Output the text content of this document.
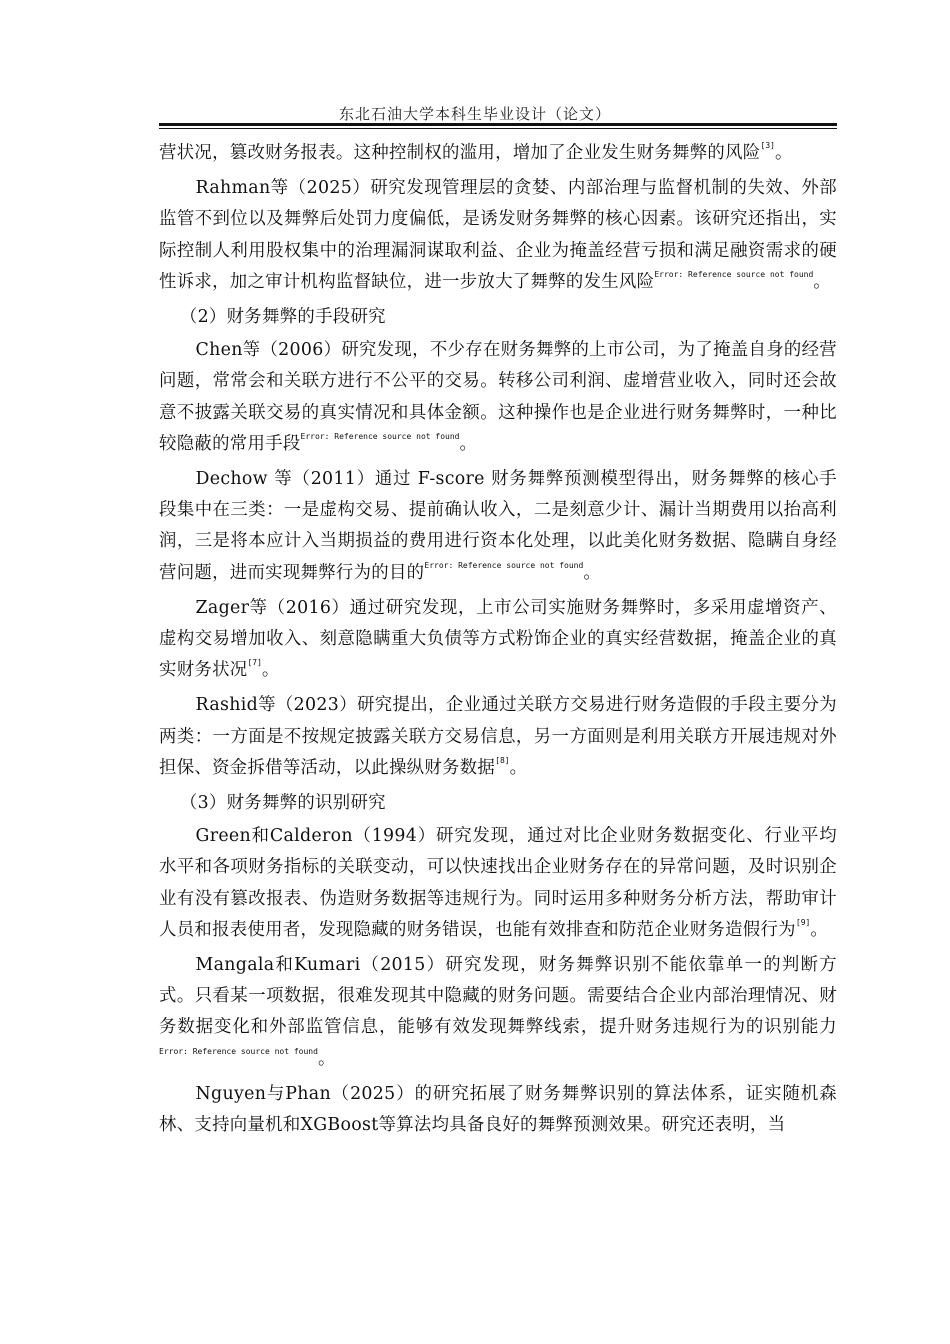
东北石油大学本科生毕业设计（论文）

营状况，篡改财务报表。这种控制权的滥用，增加了企业发生财务舞弊的风险[3]。

Rahman等（2025）研究发现管理层的贪婪、内部治理与监督机制的失效、外部监管不到位以及舞弊后处罚力度偏低，是诱发财务舞弊的核心因素。该研究还指出，实际控制人利用股权集中的治理漏洞谋取利益、企业为掩盖经营亏损和满足融资需求的硬性诉求，加之审计机构监督缺位，进一步放大了舞弊的发生风险$^{Error: Reference source not found}$。

（2）财务舞弊的手段研究

Chen等（2006）研究发现，不少存在财务舞弊的上市公司，为了掩盖自身的经营问题，常常会和关联方进行不公平的交易。转移公司利润、虚增营业收入，同时还会故意不披露关联交易的真实情况和具体金额。这种操作也是企业进行财务舞弊时，一种比较隐蔽的常用手段$^{Error: Reference source not found}$。

Dechow 等（2011）通过 F-score 财务舞弊预测模型得出，财务舞弊的核心手段集中在三类：一是虚构交易、提前确认收入，二是刻意少计、漏计当期费用以抬高利润，三是将本应计入当期损益的费用进行资本化处理，以此美化财务数据、隐瞒自身经营问题，进而实现舞弊行为的目的$^{Error: Reference source not found}$。

Zager等（2016）通过研究发现，上市公司实施财务舞弊时，多采用虚增资产、虚构交易增加收入、刻意隐瞒重大负债等方式粉饰企业的真实经营数据，掩盖企业的真实财务状况[7]。

Rashid等（2023）研究提出，企业通过关联方交易进行财务造假的手段主要分为两类：一方面是不按规定披露关联方交易信息，另一方面则是利用关联方开展违规对外担保、资金拆借等活动，以此操纵财务数据[8]。

（3）财务舞弊的识别研究

Green和Calderon（1994）研究发现，通过对比企业财务数据变化、行业平均水平和各项财务指标的关联变动，可以快速找出企业财务存在的异常问题，及时识别企业有没有篡改报表、伪造财务数据等违规行为。同时运用多种财务分析方法，帮助审计人员和报表使用者，发现隐藏的财务错误，也能有效排查和防范企业财务造假行为[9]。

Mangala和Kumari（2015）研究发现，财务舞弊识别不能依靠单一的判断方式。只看某一项数据，很难发现其中隐藏的财务问题。需要结合企业内部治理情况、财务数据变化和外部监管信息，能够有效发现舞弊线索，提升财务违规行为的识别能力$^{Error: Reference source not found}$。

Nguyen与Phan（2025）的研究拓展了财务舞弊识别的算法体系，证实随机森林、支持向量机和XGBoost等算法均具备良好的舞弊预测效果。研究还表明，当
